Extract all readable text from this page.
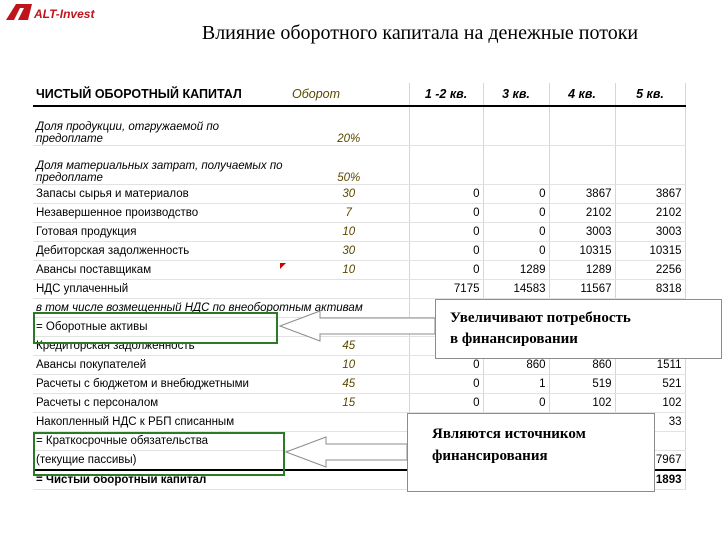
ALT-Invest
Влияние оборотного капитала на денежные потоки
ЧИСТЫЙ ОБОРОТНЫЙ КАПИТАЛ	Оборот	1 -2 кв.	3 кв.	4 кв.	5 кв.
Доля продукции, отгружаемой по предоплате	20%				
Доля материальных затрат, получаемых по предоплате	50%				
Запасы сырья и материалов	30	0	0	3867	3867
Незавершенное производство	7	0	0	2102	2102
Готовая продукция	10	0	0	3003	3003
Дебиторская задолженность	30	0	0	10315	10315
Авансы поставщикам	10	0	1289	1289	2256
НДС уплаченный		7175	14583	11567	8318
в том числе возмещенный НДС по внеоборотным активам					
= Оборотные активы					
Кредиторская задолженность	45				
Авансы покупателей	10	0	860	860	1511
Расчеты с бюджетом и внебюджетными	45	0	1	519	521
Расчеты с персоналом	15	0	0	102	102
Накопленный НДС к РБП списанным					33
= Краткосрочные обязательства					
(текущие пассивы)					7967
= Чистый оборотный капитал					1893
Увеличивают потребность
в финансировании
Являются источником
финансирования
